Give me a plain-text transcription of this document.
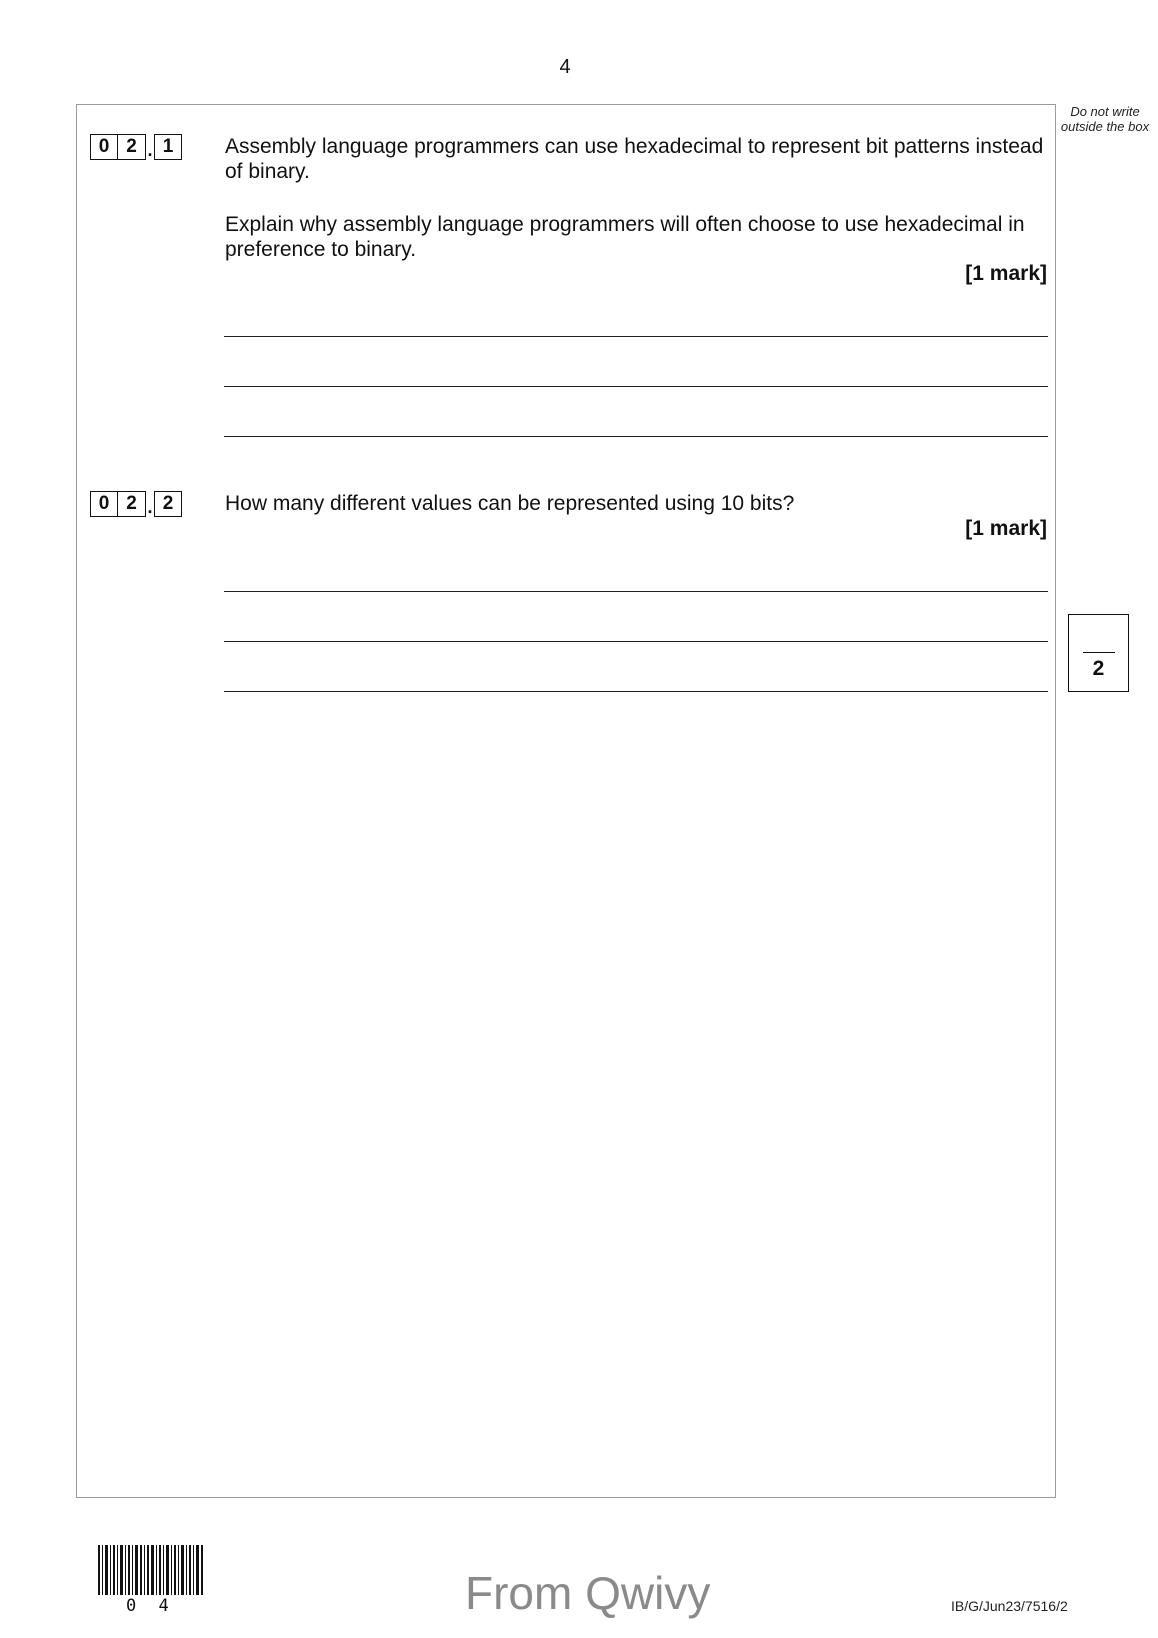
4
Do not write outside the box
0 2 . 1	Assembly language programmers can use hexadecimal to represent bit patterns instead of binary.
Explain why assembly language programmers will often choose to use hexadecimal in preference to binary.
[1 mark]
0 2 . 2	How many different values can be represented using 10 bits?
[1 mark]
2
0 4	From Qwivy	IB/G/Jun23/7516/2
